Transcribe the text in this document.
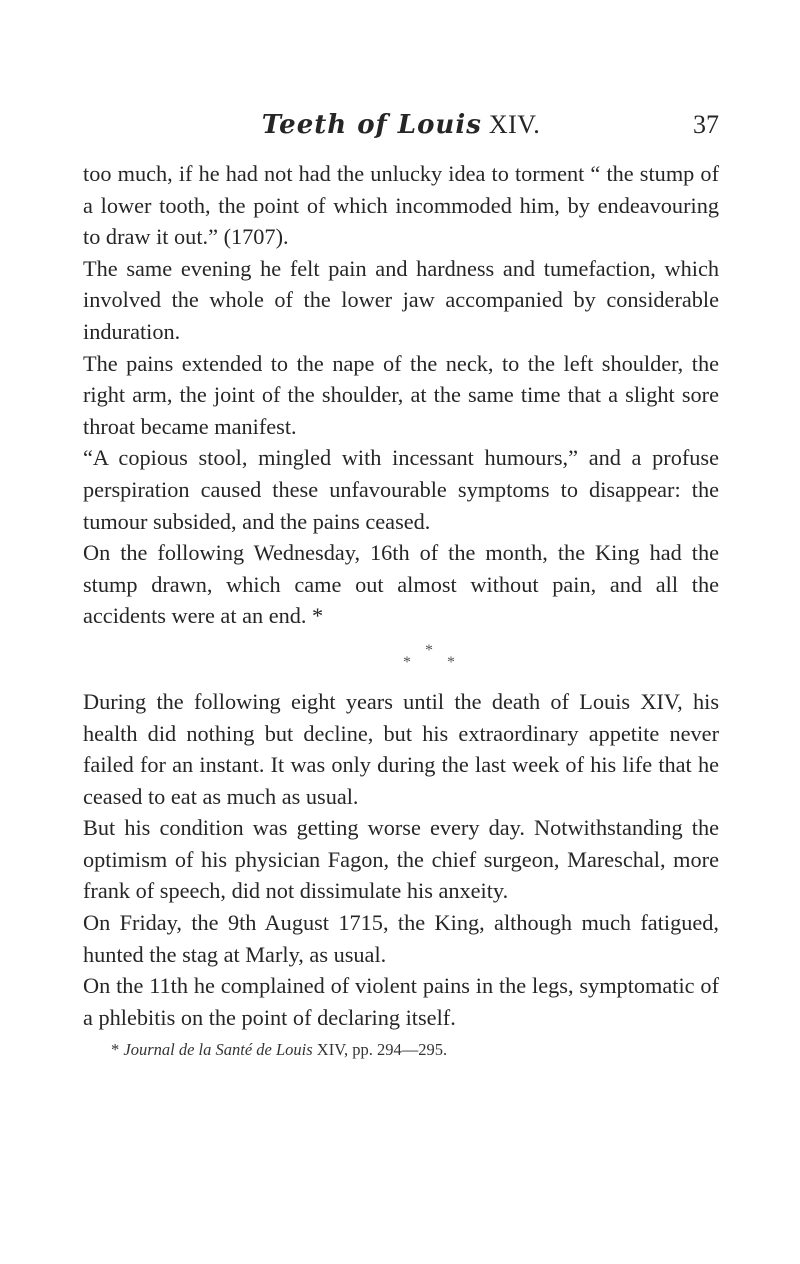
Teeth of Louis XIV.	37

too much, if he had not had the unlucky idea to torment “ the stump of a lower tooth, the point of which incommoded him, by endeavouring to draw it out.” (1707).

The same evening he felt pain and hardness and tumefaction, which involved the whole of the lower jaw accompanied by considerable induration.

The pains extended to the nape of the neck, to the left shoulder, the right arm, the joint of the shoulder, at the same time that a slight sore throat became manifest.

“A copious stool, mingled with incessant humours,” and a profuse perspiration caused these unfavourable symptoms to disappear: the tumour subsided, and the pains ceased.

On the following Wednesday, 16th of the month, the King had the stump drawn, which came out almost without pain, and all the accidents were at an end. *

*
* *

During the following eight years until the death of Louis XIV, his health did nothing but decline, but his extraordinary appetite never failed for an instant. It was only during the last week of his life that he ceased to eat as much as usual.

But his condition was getting worse every day. Notwithstanding the optimism of his physician Fagon, the chief surgeon, Mareschal, more frank of speech, did not dissimulate his anxeity.

On Friday, the 9th August 1715, the King, although much fatigued, hunted the stag at Marly, as usual.

On the 11th he complained of violent pains in the legs, symptomatic of a phlebitis on the point of declaring itself.

* Journal de la Santé de Louis XIV, pp. 294—295.
